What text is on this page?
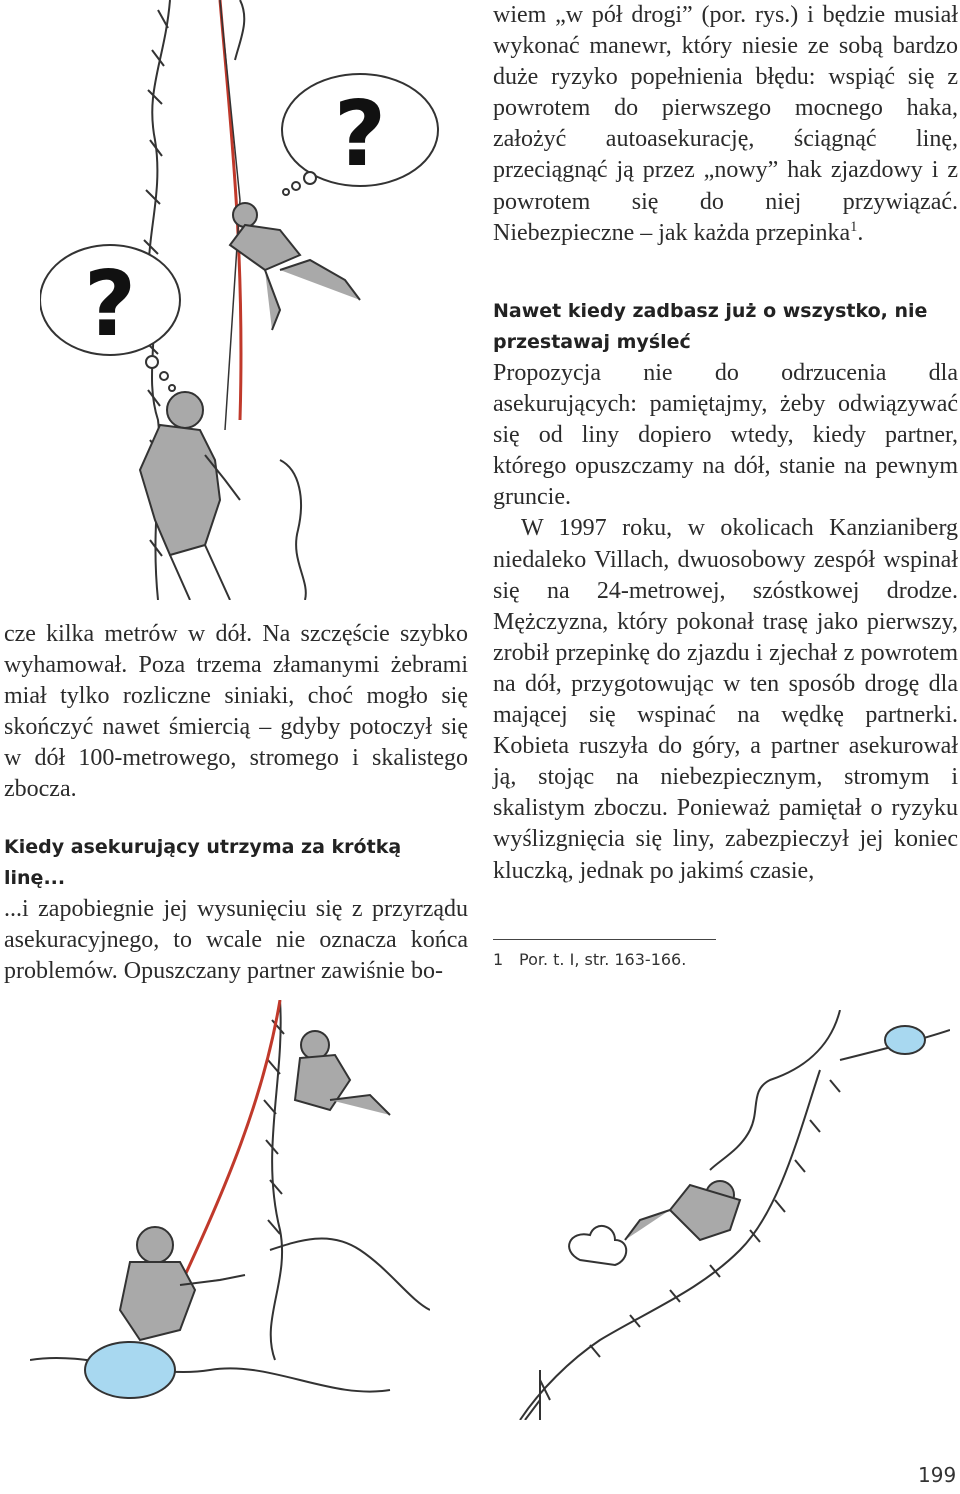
?
?

wiem „w pół drogi” (por. rys.) i będzie musiał wykonać manewr, który niesie ze sobą bardzo duże ryzyko popełnienia błędu: wspiąć się z powrotem do pierwszego mocnego haka, założyć autoasekurację, ściągnąć linę, przeciągnąć ją przez „nowy” hak zjazdowy i z powrotem się do niej przywiązać. Niebezpieczne – jak każda przepinka$^1$.

Nawet kiedy zadbasz już o wszystko, nie przestawaj myśleć

Propozycja nie do odrzucenia dla asekurujących: pamiętajmy, żeby odwiązywać się od liny dopiero wtedy, kiedy partner, którego opuszczamy na dół, stanie na pewnym gruncie.

W 1997 roku, w okolicach Kanzianiberg niedaleko Villach, dwuosobowy zespół wspinał się na 24-metrowej, szóstkowej drodze. Mężczyzna, który pokonał trasę jako pierwszy, zrobił przepinkę do zjazdu i zjechał z powrotem na dół, przygotowując w ten sposób drogę dla mającej się wspinać na wędkę partnerki. Kobieta ruszyła do góry, a partner asekurował ją, stojąc na niebezpiecznym, stromym i skalistym zboczu. Ponieważ pamiętał o ryzyku wyślizgnięcia się liny, zabezpieczył jej koniec kluczką, jednak po jakimś czasie,

cze kilka metrów w dół. Na szczęście szybko wyhamował. Poza trzema złamanymi żebrami miał tylko rozliczne siniaki, choć mogło się skończyć nawet śmiercią – gdyby potoczył się w dół 100-metrowego, stromego i skalistego zbocza.

Kiedy asekurujący utrzyma za krótką linę...

...i zapobiegnie jej wysunięciu się z przyrządu asekuracyjnego, to wcale nie oznacza końca problemów. Opuszczany partner zawiśnie bo-	1 Por. t. I, str. 163-166.
199
